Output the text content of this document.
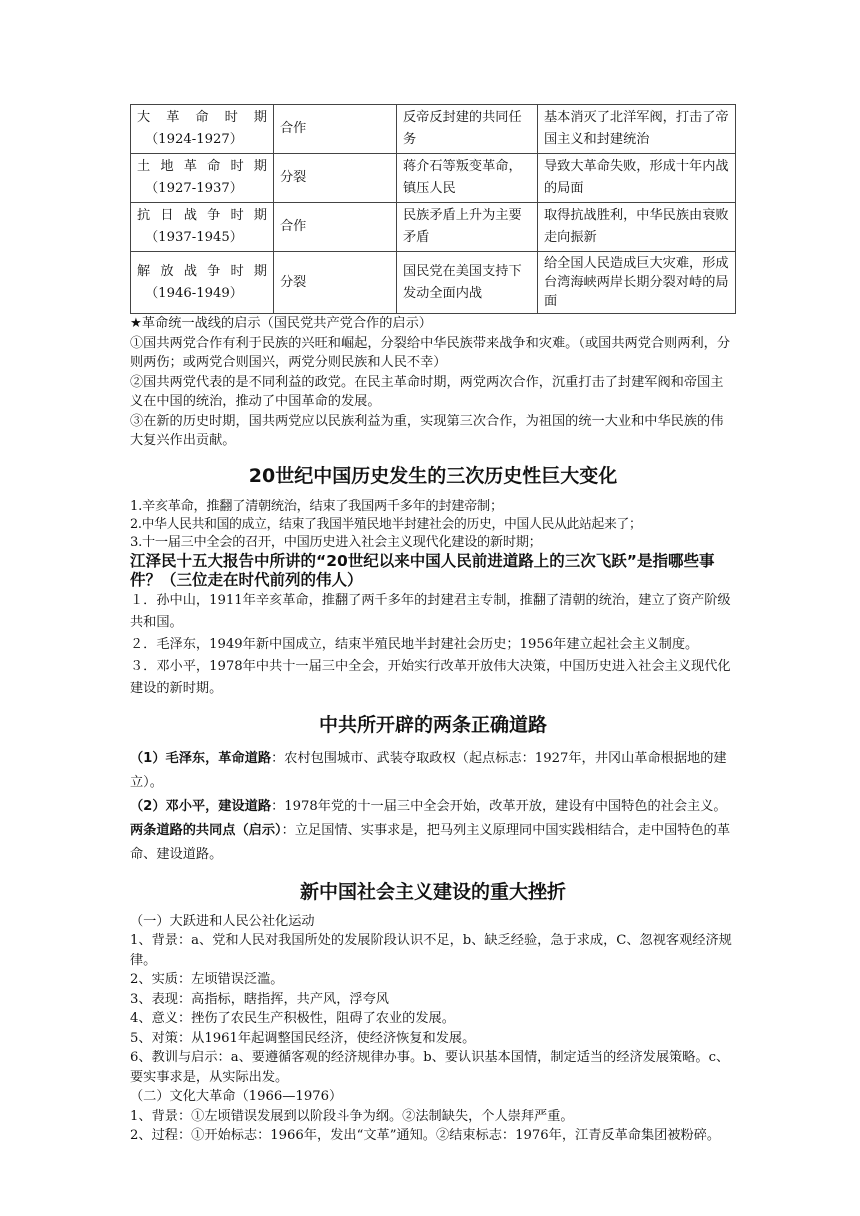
大革命时期
（1924-1927）	合作	反帝反封建的共同任务	基本消灭了北洋军阀，打击了帝国主义和封建统治

土地革命时期
（1927-1937）	分裂	蒋介石等叛变革命，镇压人民	导致大革命失败，形成十年内战的局面

抗日战争时期
（1937-1945）	合作	民族矛盾上升为主要矛盾	取得抗战胜利，中华民族由衰败走向振新

解放战争时期
（1946-1949）	分裂	国民党在美国支持下发动全面内战	给全国人民造成巨大灾难，形成台湾海峡两岸长期分裂对峙的局面

★革命统一战线的启示（国民党共产党合作的启示）

①国共两党合作有利于民族的兴旺和崛起，分裂给中华民族带来战争和灾难。（或国共两党合则两利，分则两伤；或两党合则国兴，两党分则民族和人民不幸）

②国共两党代表的是不同利益的政党。在民主革命时期，两党两次合作，沉重打击了封建军阀和帝国主义在中国的统治，推动了中国革命的发展。

③在新的历史时期，国共两党应以民族利益为重，实现第三次合作，为祖国的统一大业和中华民族的伟大复兴作出贡献。

20世纪中国历史发生的三次历史性巨大变化

1.辛亥革命，推翻了清朝统治，结束了我国两千多年的封建帝制；

2.中华人民共和国的成立，结束了我国半殖民地半封建社会的历史，中国人民从此站起来了；

3.十一届三中全会的召开，中国历史进入社会主义现代化建设的新时期；

江泽民十五大报告中所讲的“20世纪以来中国人民前进道路上的三次飞跃”是指哪些事件？（三位走在时代前列的伟人）

１．孙中山，1911年辛亥革命，推翻了两千多年的封建君主专制，推翻了清朝的统治，建立了资产阶级共和国。

２．毛泽东，1949年新中国成立，结束半殖民地半封建社会历史；1956年建立起社会主义制度。

３．邓小平，1978年中共十一届三中全会，开始实行改革开放伟大决策，中国历史进入社会主义现代化建设的新时期。

中共所开辟的两条正确道路

（1）毛泽东，革命道路：农村包围城市、武装夺取政权（起点标志：1927年，井冈山革命根据地的建立）。

（2）邓小平，建设道路：1978年党的十一届三中全会开始，改革开放，建设有中国特色的社会主义。

两条道路的共同点（启示）：立足国情、实事求是，把马列主义原理同中国实践相结合，走中国特色的革命、建设道路。

新中国社会主义建设的重大挫折

（一）大跃进和人民公社化运动

1、背景：a、党和人民对我国所处的发展阶段认识不足，b、缺乏经验，急于求成，C、忽视客观经济规律。

2、实质：左顷错误泛滥。

3、表现：高指标，瞎指挥，共产风，浮夸风

4、意义：挫伤了农民生产积极性，阻碍了农业的发展。

5、对策：从1961年起调整国民经济，使经济恢复和发展。

6、教训与启示：a、要遵循客观的经济规律办事。b、要认识基本国情，制定适当的经济发展策略。c、要实事求是，从实际出发。

（二）文化大革命（1966—1976）

1、背景：①左顷错误发展到以阶段斗争为纲。②法制缺失，个人崇拜严重。

2、过程：①开始标志：1966年，发出“文革”通知。②结束标志：1976年，江青反革命集团被粉碎。
